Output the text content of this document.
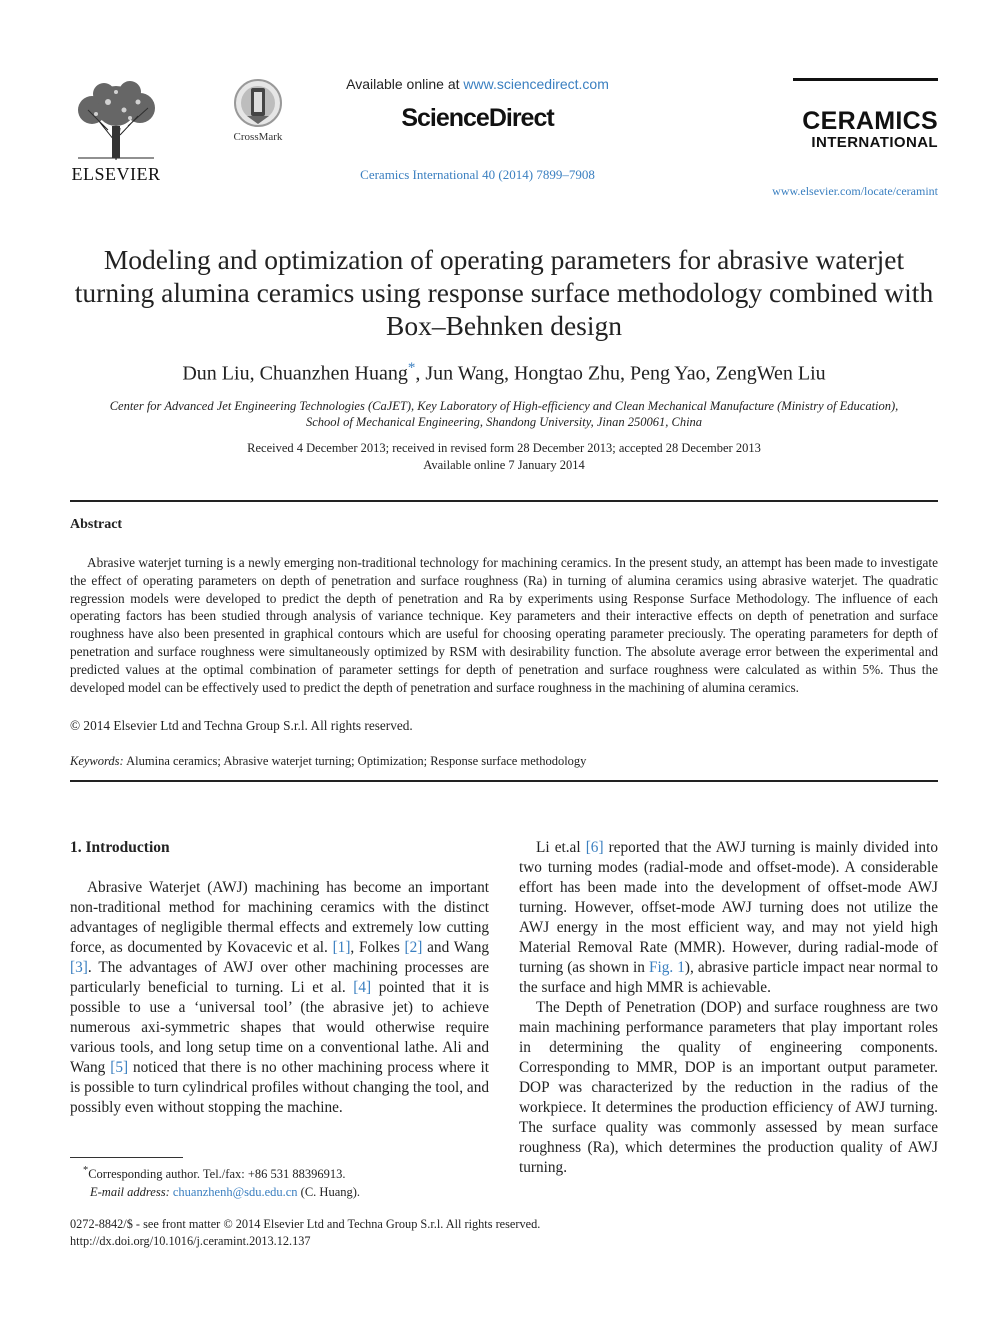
ELSEVIER
CrossMark
Available online at www.sciencedirect.com
ScienceDirect
Ceramics International 40 (2014) 7899–7908
CERAMICS
INTERNATIONAL
www.elsevier.com/locate/ceramint
Modeling and optimization of operating parameters for abrasive waterjet turning alumina ceramics using response surface methodology combined with Box–Behnken design
Dun Liu, Chuanzhen Huang*, Jun Wang, Hongtao Zhu, Peng Yao, ZengWen Liu
Center for Advanced Jet Engineering Technologies (CaJET), Key Laboratory of High-efficiency and Clean Mechanical Manufacture (Ministry of Education),
School of Mechanical Engineering, Shandong University, Jinan 250061, China
Received 4 December 2013; received in revised form 28 December 2013; accepted 28 December 2013
Available online 7 January 2014
Abstract
Abrasive waterjet turning is a newly emerging non-traditional technology for machining ceramics. In the present study, an attempt has been made to investigate the effect of operating parameters on depth of penetration and surface roughness (Ra) in turning of alumina ceramics using abrasive waterjet. The quadratic regression models were developed to predict the depth of penetration and Ra by experiments using Response Surface Methodology. The influence of each operating factors has been studied through analysis of variance technique. Key parameters and their interactive effects on depth of penetration and surface roughness have also been presented in graphical contours which are useful for choosing operating parameter preciously. The operating parameters for depth of penetration and surface roughness were simultaneously optimized by RSM with desirability function. The absolute average error between the experimental and predicted values at the optimal combination of parameter settings for depth of penetration and surface roughness were calculated as within 5%. Thus the developed model can be effectively used to predict the depth of penetration and surface roughness in the machining of alumina ceramics.
© 2014 Elsevier Ltd and Techna Group S.r.l. All rights reserved.
Keywords: Alumina ceramics; Abrasive waterjet turning; Optimization; Response surface methodology
1. Introduction

Abrasive Waterjet (AWJ) machining has become an important non-traditional method for machining ceramics with the distinct advantages of negligible thermal effects and extremely low cutting force, as documented by Kovacevic et al. [1], Folkes [2] and Wang [3]. The advantages of AWJ over other machining processes are particularly beneficial to turning. Li et al. [4] pointed that it is possible to use a ‘universal tool’ (the abrasive jet) to achieve numerous axi-symmetric shapes that would otherwise require various tools, and long setup time on a conventional lathe. Ali and Wang [5] noticed that there is no other machining process where it is possible to turn cylindrical profiles without changing the tool, and possibly even without stopping the machine.

Li et.al [6] reported that the AWJ turning is mainly divided into two turning modes (radial-mode and offset-mode). A considerable effort has been made into the development of offset-mode AWJ turning. However, offset-mode AWJ turning does not utilize the AWJ energy in the most efficient way, and may not yield high Material Removal Rate (MMR). However, during radial-mode of turning (as shown in Fig. 1), abrasive particle impact near normal to the surface and high MMR is achievable.

The Depth of Penetration (DOP) and surface roughness are two main machining performance parameters that play important roles in determining the quality of engineering components. Corresponding to MMR, DOP is an important output parameter. DOP was characterized by the reduction in the radius of the workpiece. It determines the production efficiency of AWJ turning. The surface quality was commonly assessed by mean surface roughness (Ra), which determines the production quality of AWJ turning.

*Corresponding author. Tel./fax: +86 531 88396913.
E-mail address: chuanzhenh@sdu.edu.cn (C. Huang).
0272-8842/$ - see front matter © 2014 Elsevier Ltd and Techna Group S.r.l. All rights reserved.
http://dx.doi.org/10.1016/j.ceramint.2013.12.137
